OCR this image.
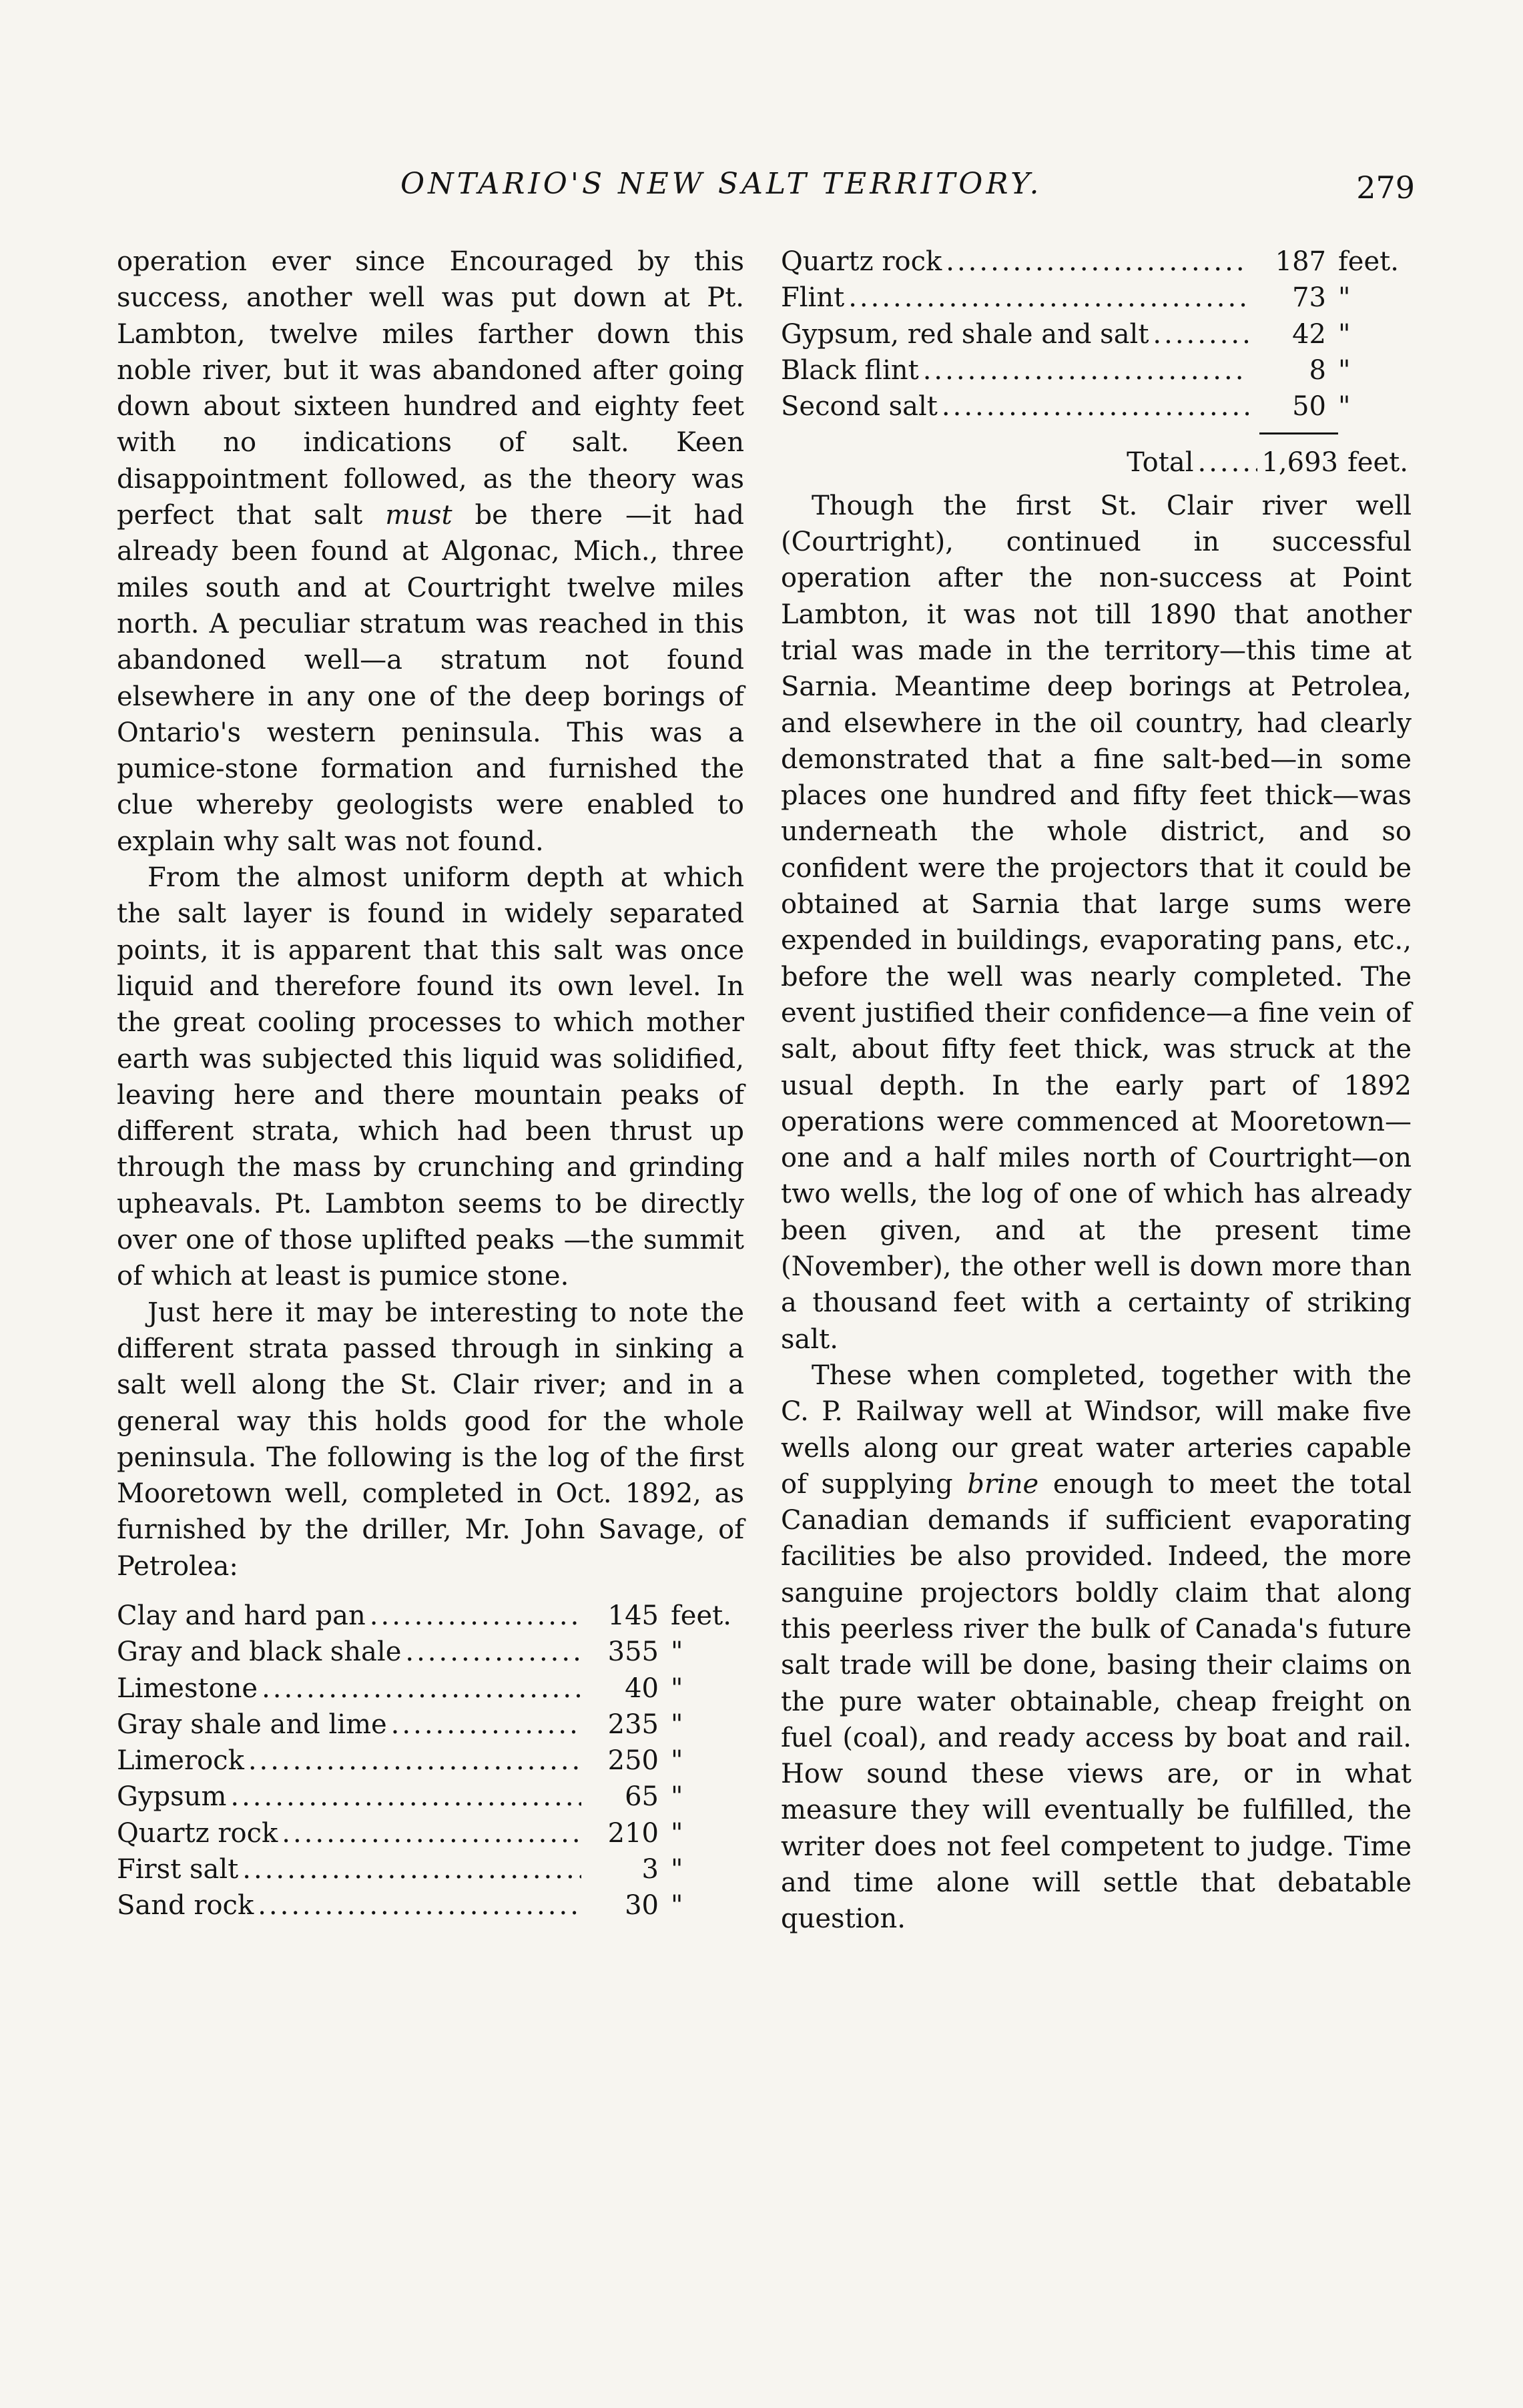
ONTARIO'S NEW SALT TERRITORY.	279

operation ever since Encouraged by this success, another well was put down at Pt. Lambton, twelve miles farther down this noble river, but it was abandoned after going down about sixteen hundred and eighty feet with no indications of salt. Keen disappointment followed, as the theory was perfect that salt must be there —it had already been found at Algonac, Mich., three miles south and at Courtright twelve miles north. A peculiar stratum was reached in this abandoned well—a stratum not found elsewhere in any one of the deep borings of Ontario's western peninsula. This was a pumice-stone formation and furnished the clue whereby geologists were enabled to explain why salt was not found.

From the almost uniform depth at which the salt layer is found in widely separated points, it is apparent that this salt was once liquid and therefore found its own level. In the great cooling processes to which mother earth was subjected this liquid was solidified, leaving here and there mountain peaks of different strata, which had been thrust up through the mass by crunching and grinding upheavals. Pt. Lambton seems to be directly over one of those uplifted peaks —the summit of which at least is pumice stone.

Just here it may be interesting to note the different strata passed through in sinking a salt well along the St. Clair river; and in a general way this holds good for the whole peninsula. The following is the log of the first Mooretown well, completed in Oct. 1892, as furnished by the driller, Mr. John Savage, of Petrolea:

Clay and hard pan .....	145 feet.
Gray and black shale .....	355 "
Limestone .....	40 "
Gray shale and lime .....	235 "
Limerock .....	250 "
Gypsum .....	65 "
Quartz rock .....	210 "
First salt .....	3 "
Sand rock .....	30 "
Quartz rock .....	187 feet.
Flint .....	73 "
Gypsum, red shale and salt .....	42 "
Black flint .....	8 "
Second salt .....	50 "
Total .....	1,693 feet.

Though the first St. Clair river well (Courtright), continued in successful operation after the non-success at Point Lambton, it was not till 1890 that another trial was made in the territory—this time at Sarnia. Meantime deep borings at Petrolea, and elsewhere in the oil country, had clearly demonstrated that a fine salt-bed—in some places one hundred and fifty feet thick—was underneath the whole district, and so confident were the projectors that it could be obtained at Sarnia that large sums were expended in buildings, evaporating pans, etc., before the well was nearly completed. The event justified their confidence—a fine vein of salt, about fifty feet thick, was struck at the usual depth. In the early part of 1892 operations were commenced at Mooretown—one and a half miles north of Courtright—on two wells, the log of one of which has already been given, and at the present time (November), the other well is down more than a thousand feet with a certainty of striking salt.

These when completed, together with the C. P. Railway well at Windsor, will make five wells along our great water arteries capable of supplying brine enough to meet the total Canadian demands if sufficient evaporating facilities be also provided. Indeed, the more sanguine projectors boldly claim that along this peerless river the bulk of Canada's future salt trade will be done, basing their claims on the pure water obtainable, cheap freight on fuel (coal), and ready access by boat and rail. How sound these views are, or in what measure they will eventually be fulfilled, the writer does not feel competent to judge. Time and time alone will settle that debatable question.
